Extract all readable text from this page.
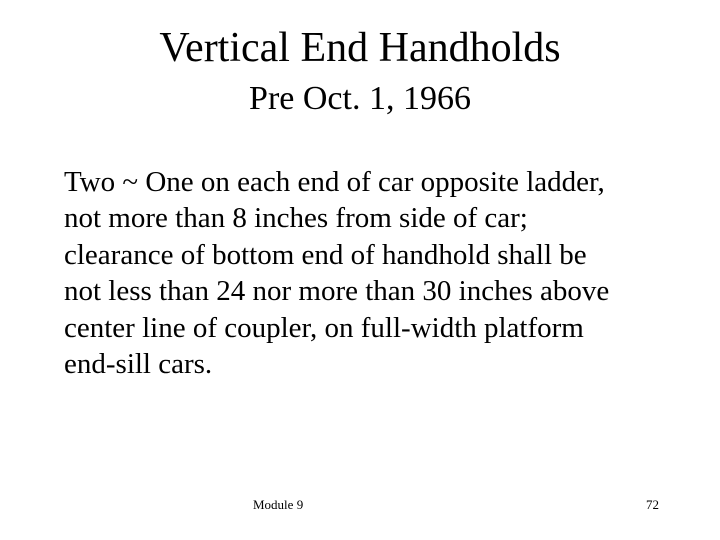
Vertical End Handholds
Pre Oct. 1, 1966
Two ~ One on each end of car opposite ladder,
not more than 8 inches from side of car;
clearance of bottom end of handhold shall be
not less than 24 nor more than 30 inches above
center line of coupler, on full-width platform
end-sill cars.
Module 9	72
